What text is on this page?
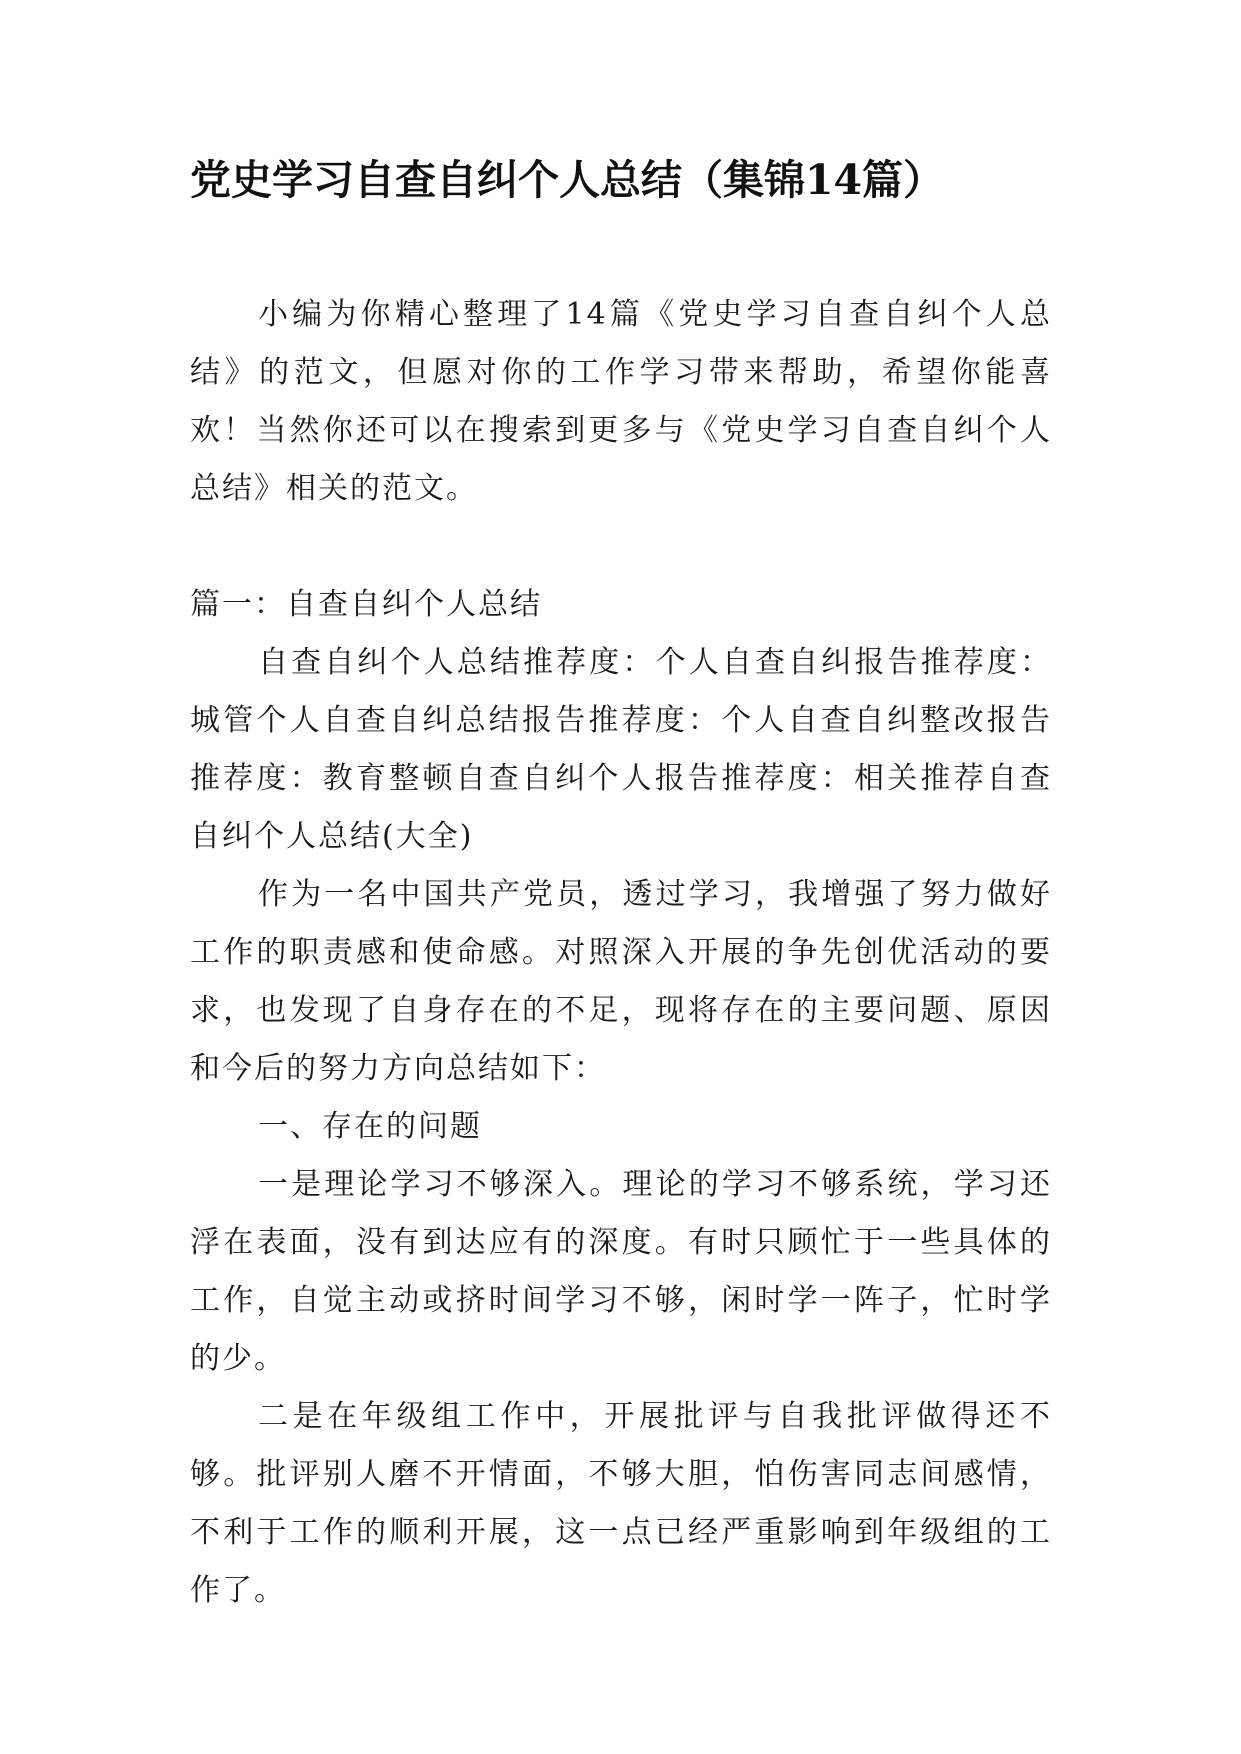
党史学习自查自纠个人总结（集锦14篇）

小编为你精心整理了14篇《党史学习自查自纠个人总结》的范文，但愿对你的工作学习带来帮助，希望你能喜欢！当然你还可以在搜索到更多与《党史学习自查自纠个人总结》相关的范文。

篇一：自查自纠个人总结

自查自纠个人总结推荐度：个人自查自纠报告推荐度：城管个人自查自纠总结报告推荐度：个人自查自纠整改报告推荐度：教育整顿自查自纠个人报告推荐度：相关推荐自查自纠个人总结(大全)

作为一名中国共产党员，透过学习，我增强了努力做好工作的职责感和使命感。对照深入开展的争先创优活动的要求，也发现了自身存在的不足，现将存在的主要问题、原因和今后的努力方向总结如下：

一、存在的问题

一是理论学习不够深入。理论的学习不够系统，学习还浮在表面，没有到达应有的深度。有时只顾忙于一些具体的工作，自觉主动或挤时间学习不够，闲时学一阵子，忙时学的少。

二是在年级组工作中，开展批评与自我批评做得还不够。批评别人磨不开情面，不够大胆，怕伤害同志间感情，不利于工作的顺利开展，这一点已经严重影响到年级组的工作了。
